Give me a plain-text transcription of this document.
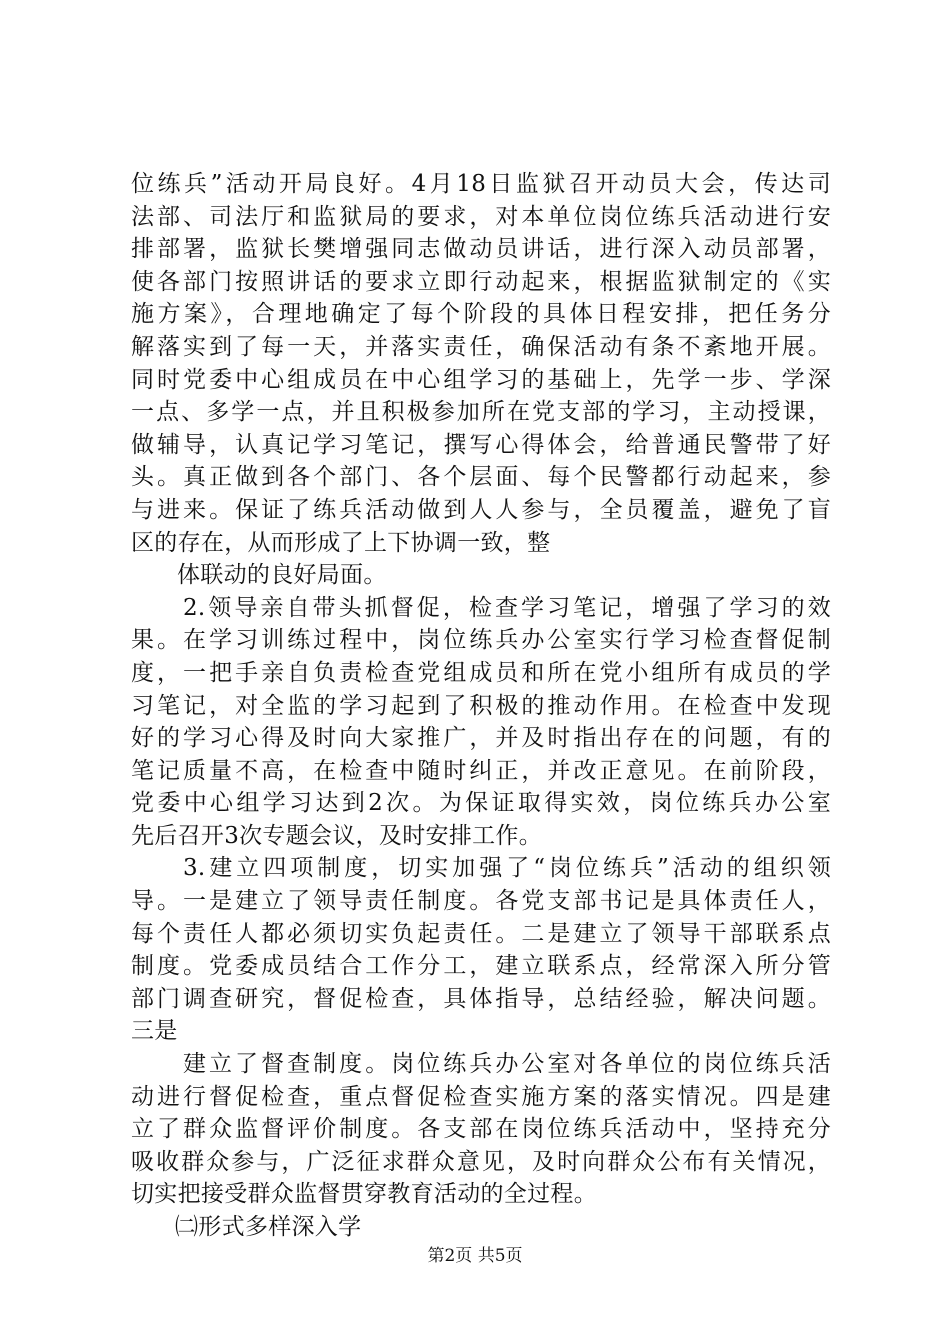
位练兵”活动开局良好。4月18日监狱召开动员大会，传达司
法部、司法厅和监狱局的要求，对本单位岗位练兵活动进行安
排部署，监狱长樊增强同志做动员讲话，进行深入动员部署，
使各部门按照讲话的要求立即行动起来，根据监狱制定的《实
施方案》，合理地确定了每个阶段的具体日程安排，把任务分
解落实到了每一天，并落实责任，确保活动有条不紊地开展。
同时党委中心组成员在中心组学习的基础上，先学一步、学深
一点、多学一点，并且积极参加所在党支部的学习，主动授课，
做辅导，认真记学习笔记，撰写心得体会，给普通民警带了好
头。真正做到各个部门、各个层面、每个民警都行动起来，参
与进来。保证了练兵活动做到人人参与，全员覆盖，避免了盲
区的存在，从而形成了上下协调一致，整
体联动的良好局面。
2.领导亲自带头抓督促，检查学习笔记，增强了学习的效
果。在学习训练过程中，岗位练兵办公室实行学习检查督促制
度，一把手亲自负责检查党组成员和所在党小组所有成员的学
习笔记，对全监的学习起到了积极的推动作用。在检查中发现
好的学习心得及时向大家推广，并及时指出存在的问题，有的
笔记质量不高，在检查中随时纠正，并改正意见。在前阶段，
党委中心组学习达到2次。为保证取得实效，岗位练兵办公室
先后召开3次专题会议，及时安排工作。
3.建立四项制度，切实加强了“岗位练兵”活动的组织领
导。一是建立了领导责任制度。各党支部书记是具体责任人，
每个责任人都必须切实负起责任。二是建立了领导干部联系点
制度。党委成员结合工作分工，建立联系点，经常深入所分管
部门调查研究，督促检查，具体指导，总结经验，解决问题。
三是
建立了督查制度。岗位练兵办公室对各单位的岗位练兵活
动进行督促检查，重点督促检查实施方案的落实情况。四是建
立了群众监督评价制度。各支部在岗位练兵活动中，坚持充分
吸收群众参与，广泛征求群众意见，及时向群众公布有关情况，
切实把接受群众监督贯穿教育活动的全过程。
㈡形式多样深入学
第2页 共5页
